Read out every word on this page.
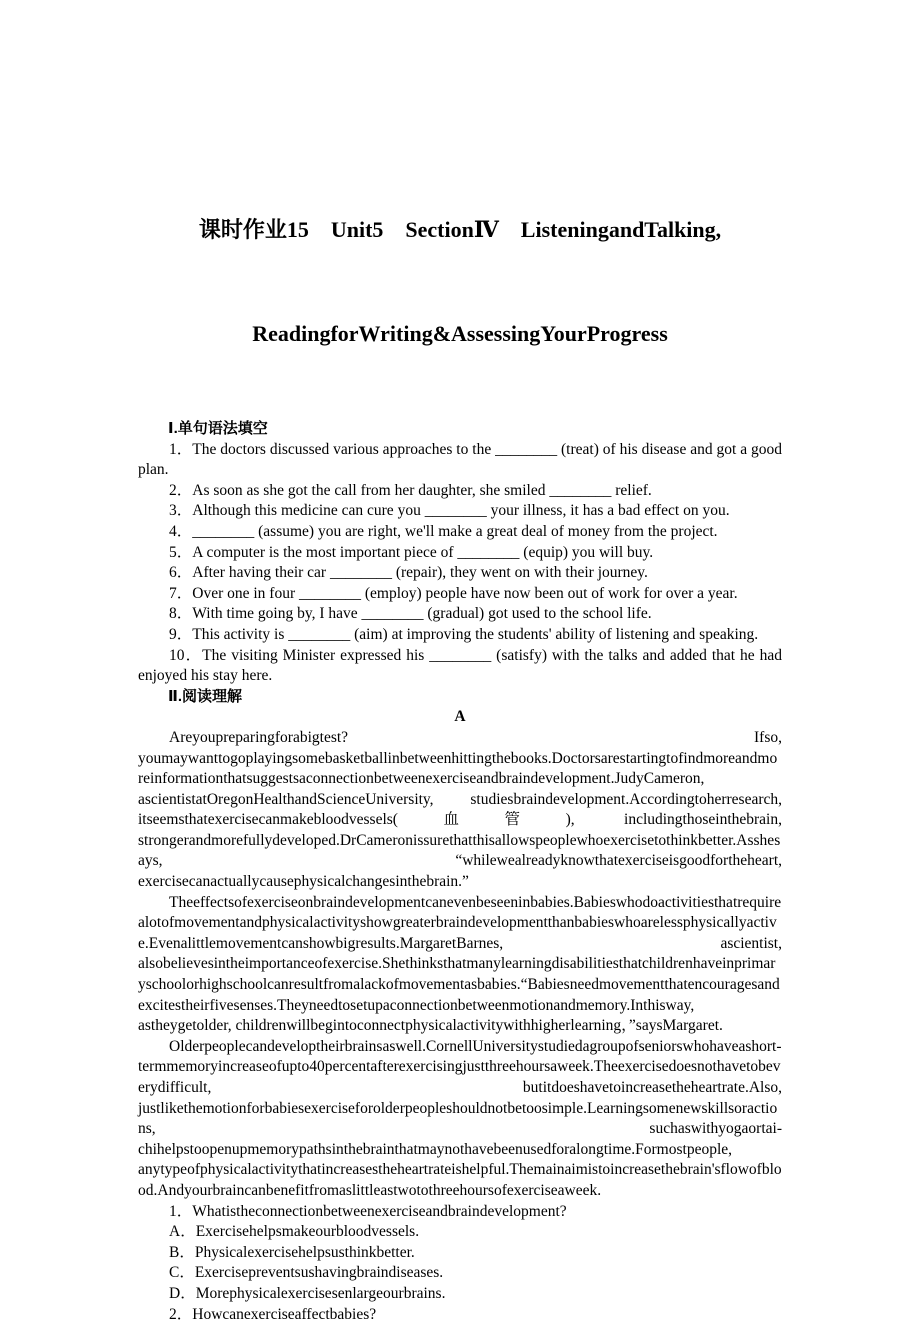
课时作业15　Unit5　SectionⅣ　ListeningandTalking,

ReadingforWriting&AssessingYourProgress

Ⅰ.单句语法填空

1．The doctors discussed various approaches to the ________ (treat) of his disease and got a good plan.

2．As soon as she got the call from her daughter, she smiled ________ relief.

3．Although this medicine can cure you ________ your illness, it has a bad effect on you.

4．________ (assume) you are right, we'll make a great deal of money from the project.

5．A computer is the most important piece of ________ (equip) you will buy.

6．After having their car ________ (repair), they went on with their journey.

7．Over one in four ________ (employ) people have now been out of work for over a year.

8．With time going by, I have ________ (gradual) got used to the school life.

9．This activity is ________ (aim) at improving the students' ability of listening and speaking.

10．The visiting Minister expressed his ________ (satisfy) with the talks and added that he had enjoyed his stay here.

Ⅱ.阅读理解
A

Areyoupreparingforabigtest? Ifso, youmaywanttogoplayingsomebasketballinbetweenhittingthebooks.Doctorsarestartingtofindmoreandmoreinformationthatsuggestsaconnectionbetweenexerciseandbraindevelopment.JudyCameron, ascientistatOregonHealthandScienceUniversity, studiesbraindevelopment.Accordingtoherresearch, itseemsthatexercisecanmakebloodvessels(血管), includingthoseinthebrain, strongerandmorefullydeveloped.DrCameronissurethatthisallowspeoplewhoexercisetothinkbetter.Asshesays, “whilewealreadyknowthatexerciseisgoodfortheheart, exercisecanactuallycausephysicalchangesinthebrain.”

Theeffectsofexerciseonbraindevelopmentcanevenbeseeninbabies.Babieswhodoactivitiesthatrequirealotofmovementandphysicalactivityshowgreaterbraindevelopmentthanbabieswhoarelessphysicallyactive.Evenalittlemovementcanshowbigresults.MargaretBarnes, ascientist, alsobelievesintheimportanceofexercise.Shethinksthatmanylearningdisabilitiesthatchildrenhaveinprimaryschoolorhighschoolcanresultfromalackofmovementasbabies.“Babiesneedmovementthatencouragesandexcitestheirfivesenses.Theyneedtosetupaconnectionbetweenmotionandmemory.Inthisway, astheygetolder, childrenwillbegintoconnectphysicalactivitywithhigherlearning，”saysMargaret.

Olderpeoplecandeveloptheirbrainsaswell.CornellUniversitystudiedagroupofseniorswhohaveashort-termmemoryincreaseofupto40percentafterexercisingjustthreehoursaweek.Theexercisedoesnothavetobeverydifficult, butitdoeshavetoincreasetheheartrate.Also, justlikethemotionforbabiesexerciseforolderpeopleshouldnotbetoosimple.Learningsomenewskillsoractions, suchaswithyogaortai-chihelpstoopenupmemorypathsinthebrainthatmaynothavebeenusedforalongtime.Formostpeople, anytypeofphysicalactivitythatincreasestheheartrateishelpful.Themainaimistoincreasethebrain'sflowofblood.Andyourbraincanbenefitfromaslittleastwotothreehoursofexerciseaweek.

1．Whatistheconnectionbetweenexerciseandbraindevelopment?

A．Exercisehelpsmakeourbloodvessels.

B．Physicalexercisehelpsusthinkbetter.

C．Exercisepreventsushavingbraindiseases.

D．Morephysicalexercisesenlargeourbrains.

2．Howcanexerciseaffectbabies?
